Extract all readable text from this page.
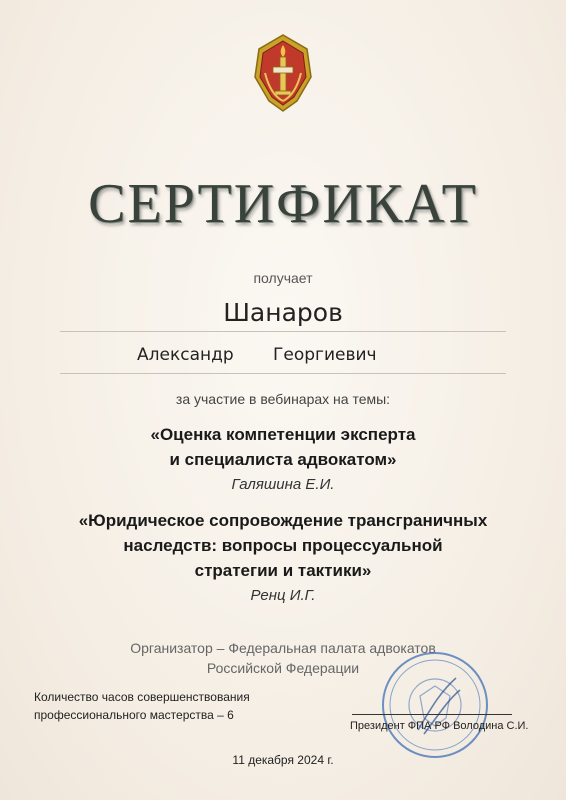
СЕРТИФИКАТ
получает
Шанаров
Александр Георгиевич
за участие в вебинарах на темы:
«Оценка компетенции эксперта
и специалиста адвокатом»
Галяшина Е.И.
«Юридическое сопровождение трансграничных
наследств: вопросы процессуальной
стратегии и тактики»
Ренц И.Г.
Организатор – Федеральная палата адвокатов
Российской Федерации
Количество часов совершенствования
профессионального мастерства – 6
Президент ФПА РФ Володина С.И.
11 декабря 2024 г.
